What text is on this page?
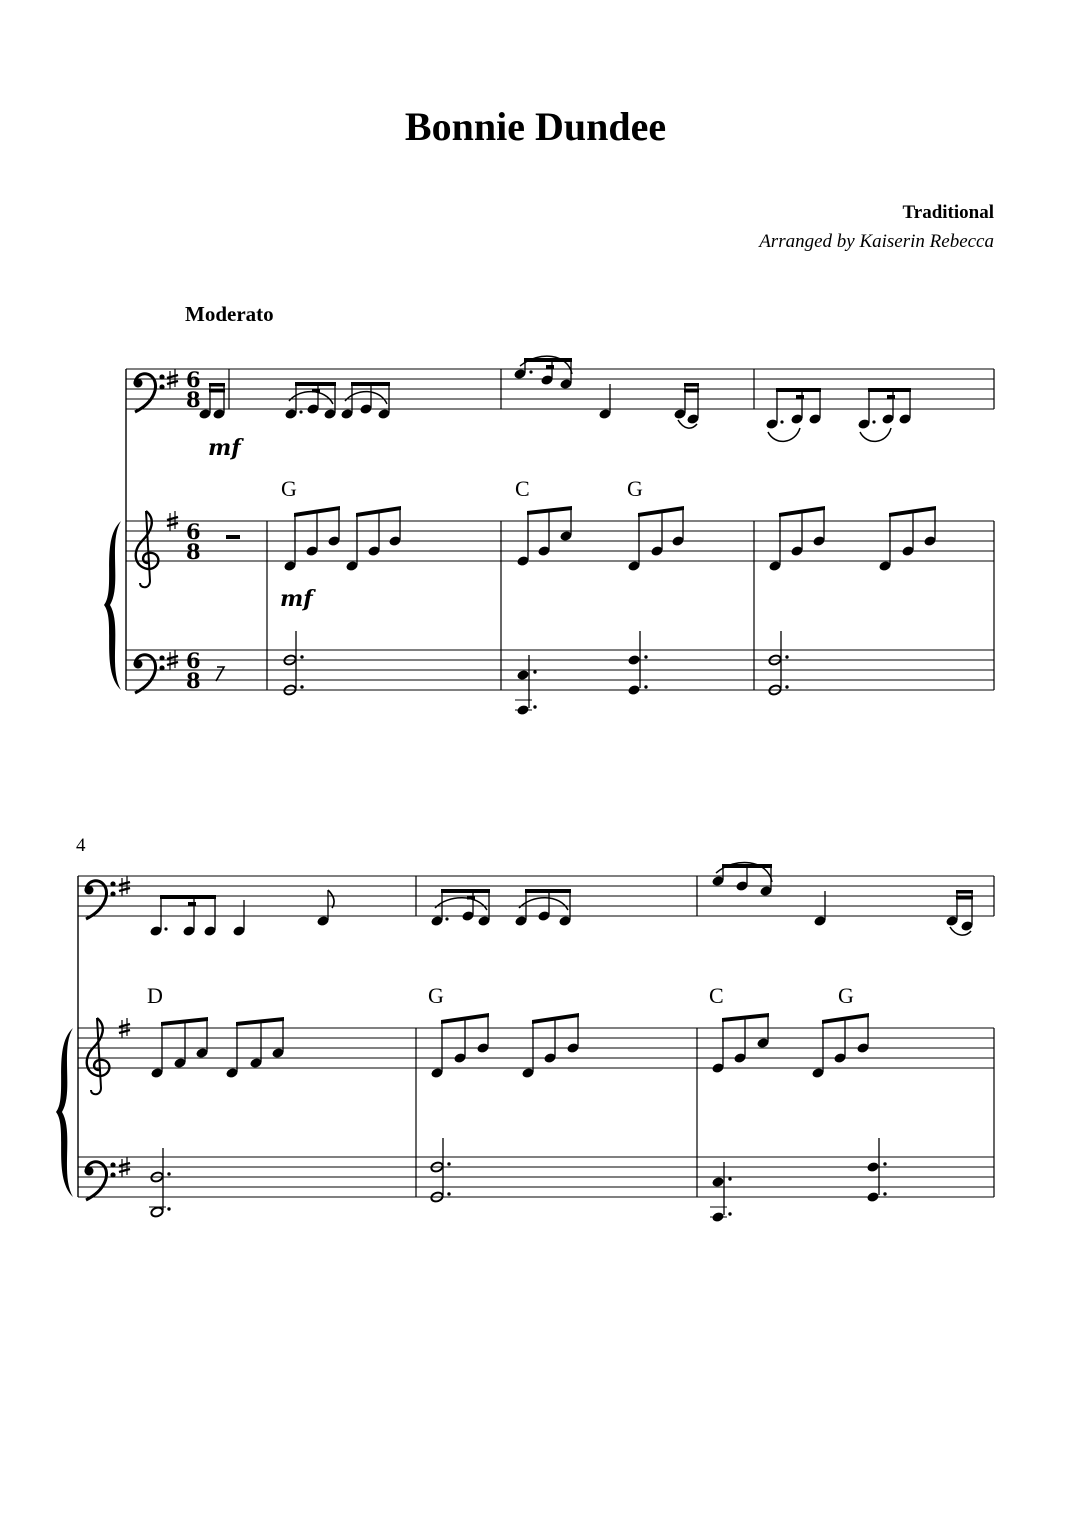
Bonnie Dundee
Traditional
Arranged by Kaiserin Rebecca
Moderato
6
8
6
8
6
8
mf
mf
G	C	G
4
D	G	C	G
